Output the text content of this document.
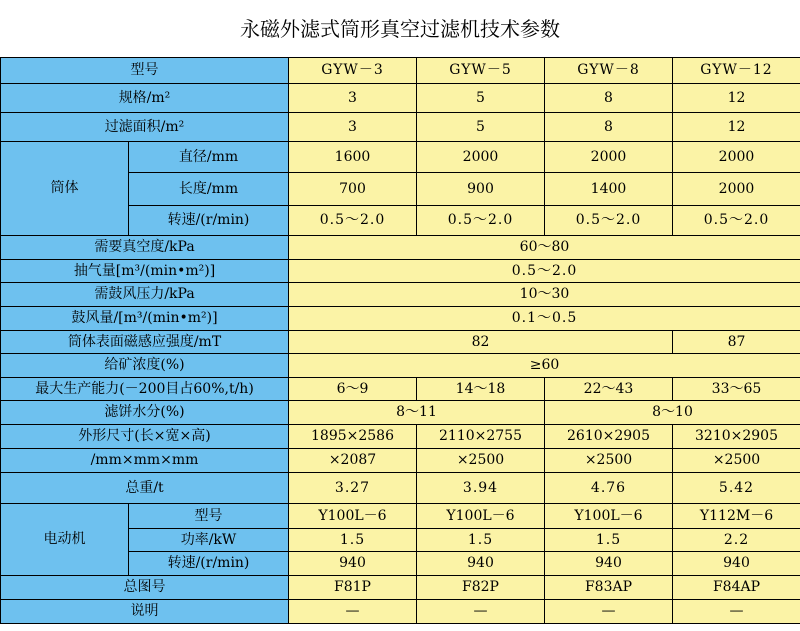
永磁外滤式筒形真空过滤机技术参数
型号		GYW－3	GYW－5	GYW－8	GYW－12
规格/m²		3	5	8	12
过滤面积/m²		3	5	8	12
筒体	直径/mm	1600	2000	2000	2000
	长度/mm	700	900	1400	2000
	转速/(r/min)	0.5～2.0	0.5～2.0	0.5～2.0	0.5～2.0
需要真空度/kPa		60～80			
抽气量[m³/(min•m²)]		0.5～2.0			
需鼓风压力/kPa		10～30			
鼓风量/[m³/(min•m²)]		0.1～0.5			
筒体表面磁感应强度/mT		82			87
给矿浓度(%)		≥60			
最大生产能力(－200目占60%,t/h)		6～9	14～18	22～43	33～65
滤饼水分(%)		8～11		8～10	
外形尺寸(长×宽×高)		1895×2586	2110×2755	2610×2905	3210×2905
/mm×mm×mm		×2087	×2500	×2500	×2500
总重/t		3.27	3.94	4.76	5.42
电动机	型号	Y100L－6	Y100L－6	Y100L－6	Y112M－6
	功率/kW	1.5	1.5	1.5	2.2
	转速/(r/min)	940	940	940	940
总图号		F81P	F82P	F83AP	F84AP
说明		—	—	—	—
